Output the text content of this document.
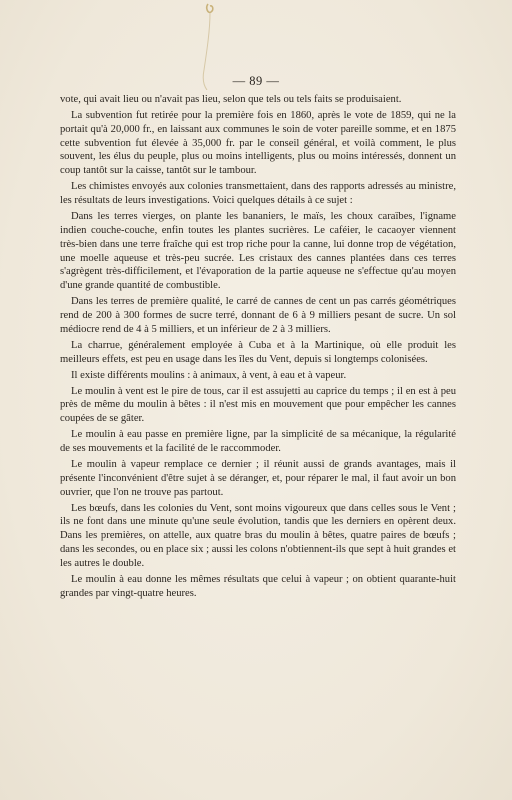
— 89 —

vote, qui avait lieu ou n'avait pas lieu, selon que tels ou tels faits se produisaient.

La subvention fut retirée pour la première fois en 1860, après le vote de 1859, qui ne la portait qu'à 20,000 fr., en laissant aux communes le soin de voter pareille somme, et en 1875 cette subvention fut élevée à 35,000 fr. par le conseil général, et voilà comment, le plus souvent, les élus du peuple, plus ou moins intelligents, plus ou moins intéressés, donnent un coup tantôt sur la caisse, tantôt sur le tambour.

Les chimistes envoyés aux colonies transmettaient, dans des rapports adressés au ministre, les résultats de leurs investigations. Voici quelques détails à ce sujet :

Dans les terres vierges, on plante les bananiers, le maïs, les choux caraïbes, l'igname indien couche-couche, enfin toutes les plantes sucrières. Le caféier, le cacaoyer viennent très-bien dans une terre fraîche qui est trop riche pour la canne, lui donne trop de végétation, une moelle aqueuse et très-peu sucrée. Les cristaux des cannes plantées dans ces terres s'agrègent très-difficilement, et l'évaporation de la partie aqueuse ne s'effectue qu'au moyen d'une grande quantité de combustible.

Dans les terres de première qualité, le carré de cannes de cent un pas carrés géométriques rend de 200 à 300 formes de sucre terré, donnant de 6 à 9 milliers pesant de sucre. Un sol médiocre rend de 4 à 5 milliers, et un inférieur de 2 à 3 milliers.

La charrue, généralement employée à Cuba et à la Martinique, où elle produit les meilleurs effets, est peu en usage dans les îles du Vent, depuis si longtemps colonisées.

Il existe différents moulins : à animaux, à vent, à eau et à vapeur.

Le moulin à vent est le pire de tous, car il est assujetti au caprice du temps ; il en est à peu près de même du moulin à bêtes : il n'est mis en mouvement que pour empêcher les cannes coupées de se gâter.

Le moulin à eau passe en première ligne, par la simplicité de sa mécanique, la régularité de ses mouvements et la facilité de le raccommoder.

Le moulin à vapeur remplace ce dernier ; il réunit aussi de grands avantages, mais il présente l'inconvénient d'être sujet à se déranger, et, pour réparer le mal, il faut avoir un bon ouvrier, que l'on ne trouve pas partout.

Les bœufs, dans les colonies du Vent, sont moins vigoureux que dans celles sous le Vent ; ils ne font dans une minute qu'une seule évolution, tandis que les derniers en opèrent deux. Dans les premières, on attelle, aux quatre bras du moulin à bêtes, quatre paires de bœufs ; dans les secondes, ou en place six ; aussi les colons n'obtiennent-ils que sept à huit grandes et les autres le double.

Le moulin à eau donne les mêmes résultats que celui à vapeur ; on obtient quarante-huit grandes par vingt-quatre heures.
